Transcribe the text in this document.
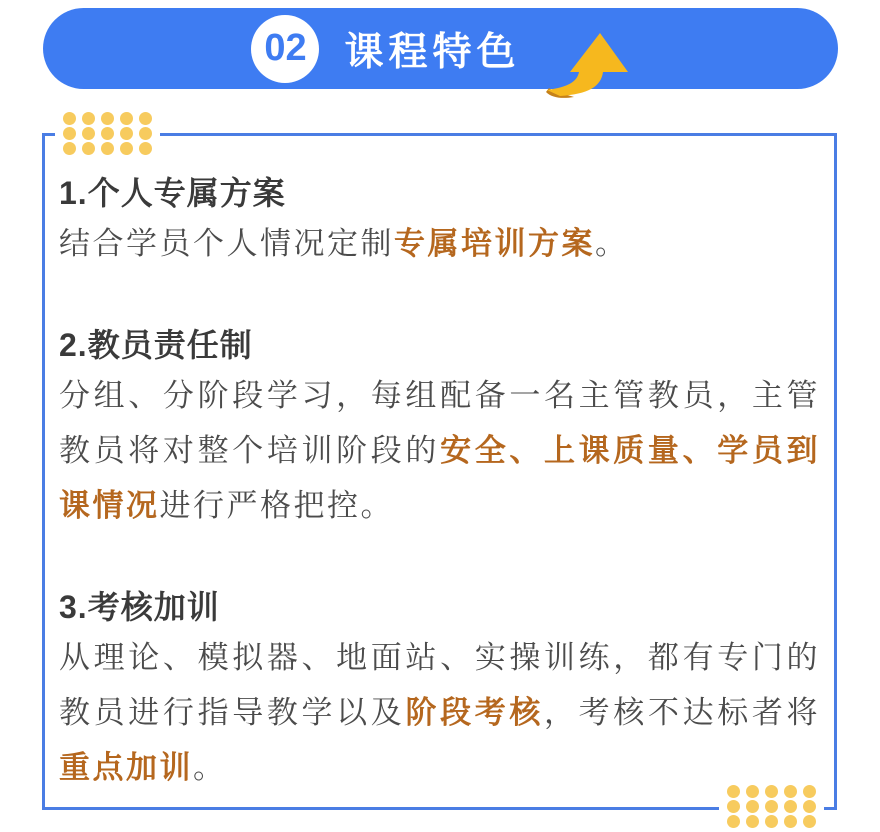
02 课程特色
1.个人专属方案

结合学员个人情况定制专属培训方案。

2.教员责任制

分组、分阶段学习，每组配备一名主管教员，主管教员将对整个培训阶段的安全、上课质量、学员到课情况进行严格把控。

3.考核加训

从理论、模拟器、地面站、实操训练，都有专门的教员进行指导教学以及阶段考核，考核不达标者将重点加训。
